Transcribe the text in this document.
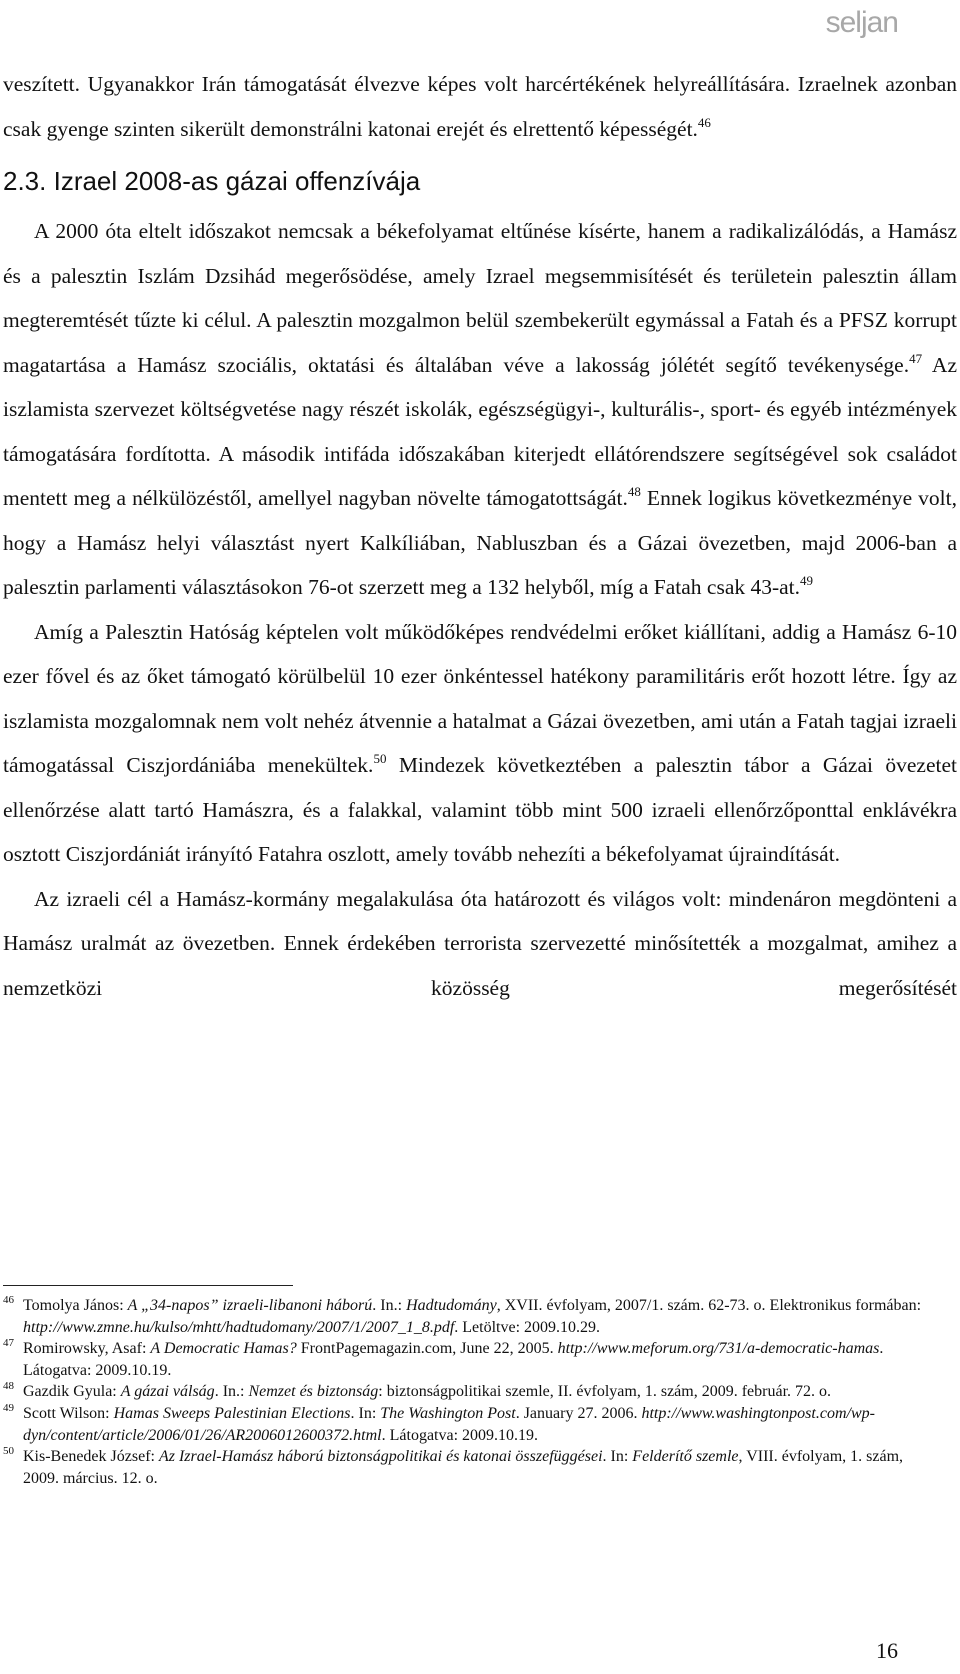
seljan

veszített. Ugyanakkor Irán támogatását élvezve képes volt harcértékének helyreállítására. Izraelnek azonban csak gyenge szinten sikerült demonstrálni katonai erejét és elrettentő képességét.$^{46}$

2.3. Izrael 2008-as gázai offenzívája

A 2000 óta eltelt időszakot nemcsak a békefolyamat eltűnése kísérte, hanem a radikalizálódás, a Hamász és a palesztin Iszlám Dzsihád megerősödése, amely Izrael megsemmisítését és területein palesztin állam megteremtését tűzte ki célul. A palesztin mozgalmon belül szembekerült egymással a Fatah és a PFSZ korrupt magatartása a Hamász szociális, oktatási és általában véve a lakosság jólétét segítő tevékenysége.$^{47}$ Az iszlamista szervezet költségvetése nagy részét iskolák, egészségügyi-, kulturális-, sport- és egyéb intézmények támogatására fordította. A második intifáda időszakában kiterjedt ellátórendszere segítségével sok családot mentett meg a nélkülözéstől, amellyel nagyban növelte támogatottságát.$^{48}$ Ennek logikus következménye volt, hogy a Hamász helyi választást nyert Kalkíliában, Nabluszban és a Gázai övezetben, majd 2006-ban a palesztin parlamenti választásokon 76-ot szerzett meg a 132 helyből, míg a Fatah csak 43-at.$^{49}$

Amíg a Palesztin Hatóság képtelen volt működőképes rendvédelmi erőket kiállítani, addig a Hamász 6-10 ezer fővel és az őket támogató körülbelül 10 ezer önkéntessel hatékony paramilitáris erőt hozott létre. Így az iszlamista mozgalomnak nem volt nehéz átvennie a hatalmat a Gázai övezetben, ami után a Fatah tagjai izraeli támogatással Ciszjordániába menekültek.$^{50}$ Mindezek következtében a palesztin tábor a Gázai övezetet ellenőrzése alatt tartó Hamászra, és a falakkal, valamint több mint 500 izraeli ellenőrzőponttal enklávékra osztott Ciszjordániát irányító Fatahra oszlott, amely tovább nehezíti a békefolyamat újraindítását.

Az izraeli cél a Hamász-kormány megalakulása óta határozott és világos volt: mindenáron megdönteni a Hamász uralmát az övezetben. Ennek érdekében terrorista szervezetté minősítették a mozgalmat, amihez a nemzetközi közösség megerősítését

46 Tomolya János: A „34-napos” izraeli-libanoni háború. In.: Hadtudomány, XVII. évfolyam, 2007/1. szám. 62-73. o. Elektronikus formában: http://www.zmne.hu/kulso/mhtt/hadtudomany/2007/1/2007_1_8.pdf. Letöltve: 2009.10.29.

47 Romirowsky, Asaf: A Democratic Hamas? FrontPagemagazin.com, June 22, 2005. http://www.meforum.org/731/a-democratic-hamas. Látogatva: 2009.10.19.

48 Gazdik Gyula: A gázai válság. In.: Nemzet és biztonság: biztonságpolitikai szemle, II. évfolyam, 1. szám, 2009. február. 72. o.

49 Scott Wilson: Hamas Sweeps Palestinian Elections. In: The Washington Post. January 27. 2006. http://www.washingtonpost.com/wp-dyn/content/article/2006/01/26/AR2006012600372.html. Látogatva: 2009.10.19.

50 Kis-Benedek József: Az Izrael-Hamász háború biztonságpolitikai és katonai összefüggései. In: Felderítő szemle, VIII. évfolyam, 1. szám, 2009. március. 12. o.

16
